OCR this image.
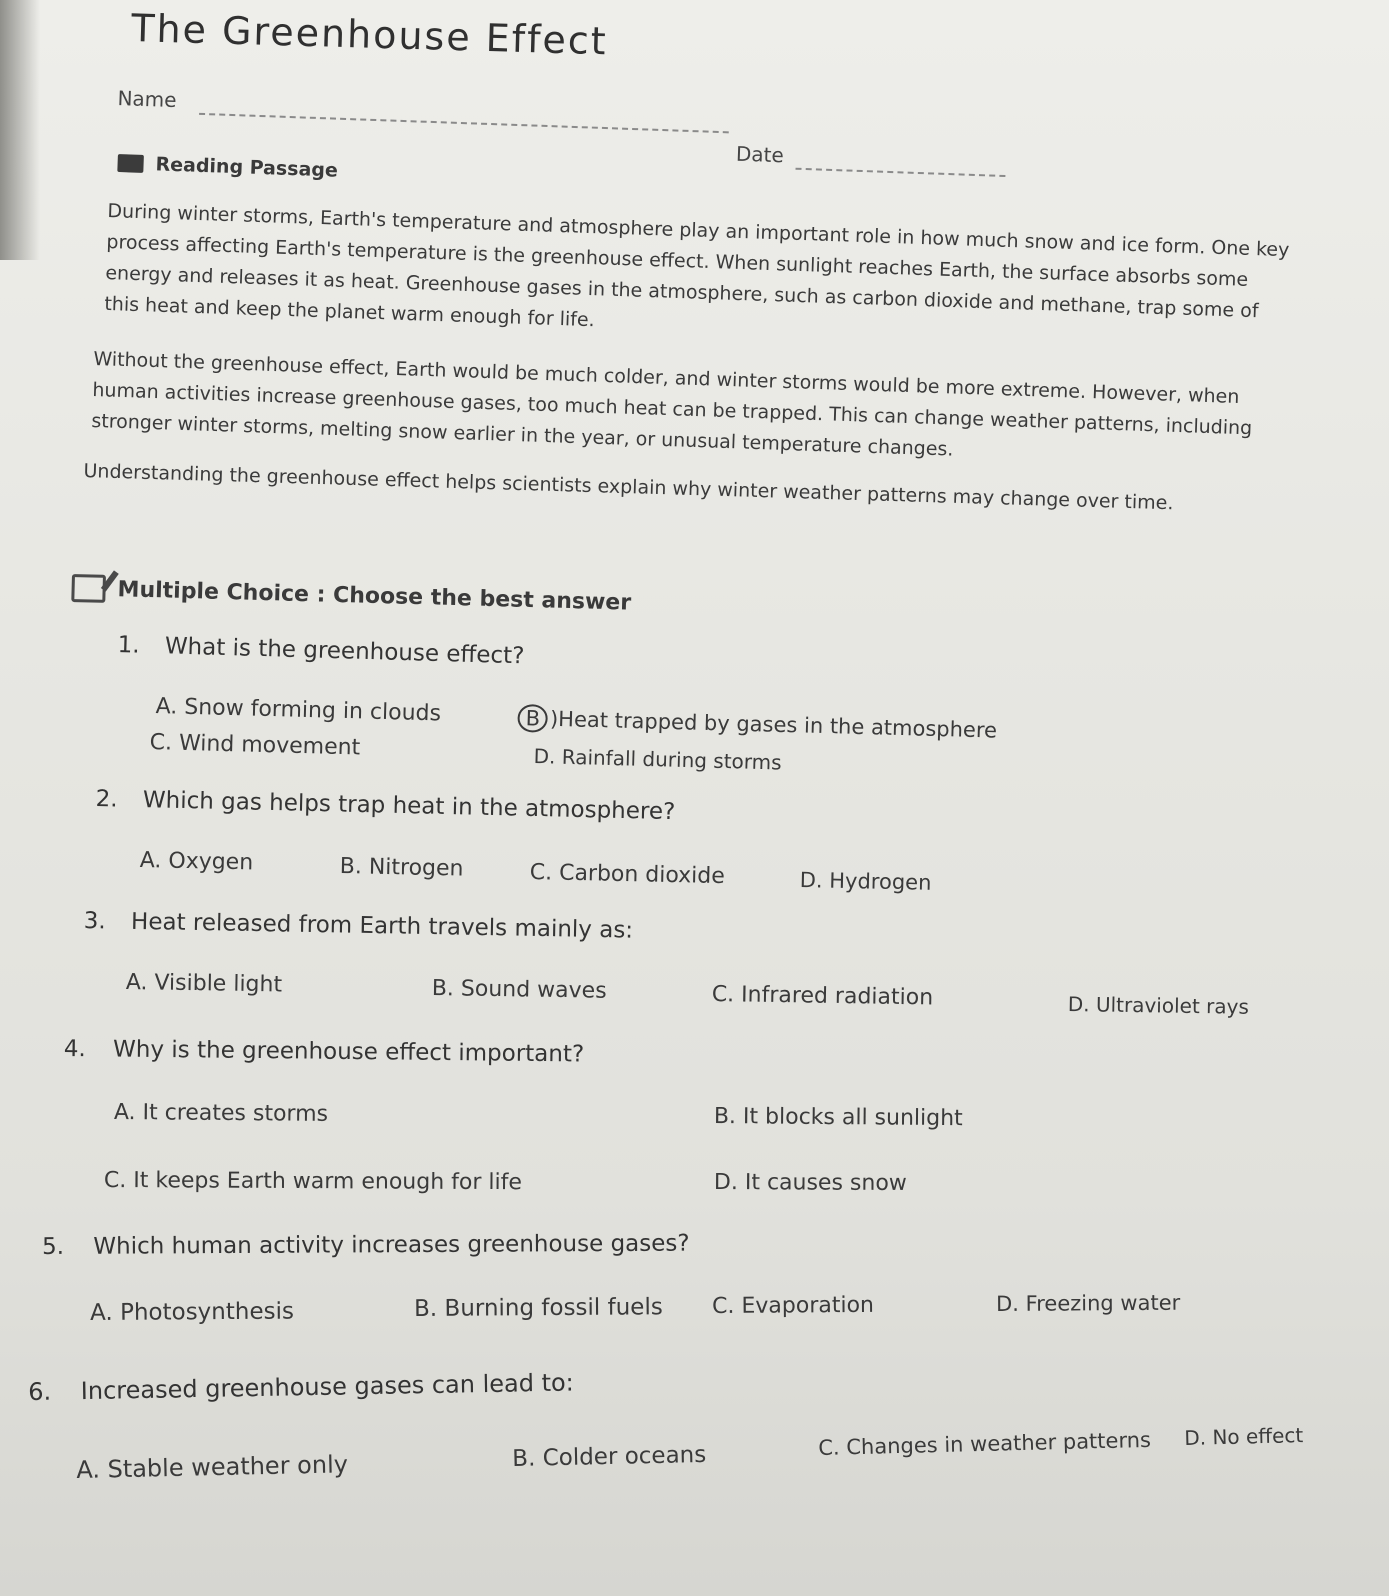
The Greenhouse Effect
Name
Date
Reading Passage

During winter storms, Earth's temperature and atmosphere play an important role in how much snow and ice form. One key process affecting Earth's temperature is the greenhouse effect. When sunlight reaches Earth, the surface absorbs some energy and releases it as heat. Greenhouse gases in the atmosphere, such as carbon dioxide and methane, trap some of this heat and keep the planet warm enough for life.

Without the greenhouse effect, Earth would be much colder, and winter storms would be more extreme. However, when human activities increase greenhouse gases, too much heat can be trapped. This can change weather patterns, including stronger winter storms, melting snow earlier in the year, or unusual temperature changes.

Understanding the greenhouse effect helps scientists explain why winter weather patterns may change over time.

Multiple Choice : Choose the best answer
1. What is the greenhouse effect?
A. Snow forming in clouds	B )Heat trapped by gases in the atmosphere
C. Wind movement	D. Rainfall during storms
2. Which gas helps trap heat in the atmosphere?
A. Oxygen	B. Nitrogen	C. Carbon dioxide	D. Hydrogen
3. Heat released from Earth travels mainly as:
A. Visible light	B. Sound waves	C. Infrared radiation	D. Ultraviolet rays
4. Why is the greenhouse effect important?
A. It creates storms	B. It blocks all sunlight
C. It keeps Earth warm enough for life	D. It causes snow
5. Which human activity increases greenhouse gases?
A. Photosynthesis	B. Burning fossil fuels C. Evaporation	D. Freezing water
6. Increased greenhouse gases can lead to:
A. Stable weather only	B. Colder oceans	C. Changes in weather patterns D. No effect
